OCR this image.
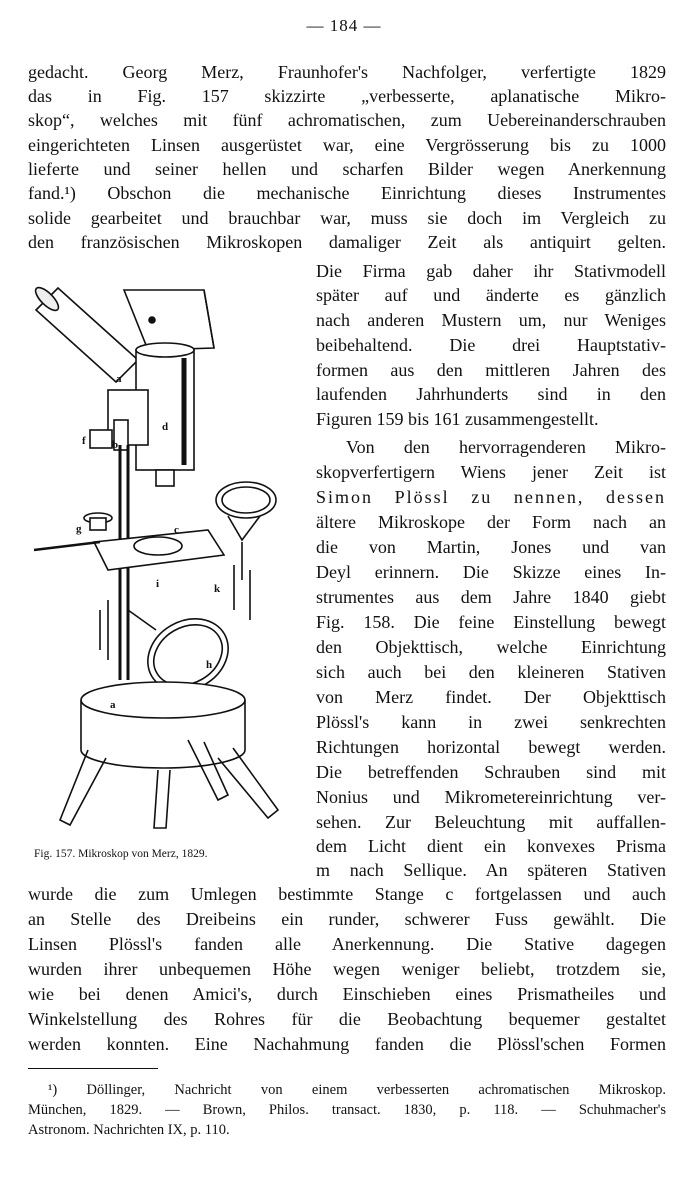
— 184 —
gedacht. Georg Merz, Fraunhofer's Nachfolger, verfertigte 1829
das in Fig. 157 skizzirte „verbesserte, aplanatische Mikro-
skop“, welches mit fünf achromatischen, zum Uebereinanderschrauben
eingerichteten Linsen ausgerüstet war, eine Vergrösserung bis zu 1000
lieferte und seiner hellen und scharfen Bilder wegen Anerkennung
fand.¹) Obschon die mechanische Einrichtung dieses Instrumentes
solide gearbeitet und brauchbar war, muss sie doch im Vergleich zu
den französischen Mikroskopen damaliger Zeit als antiquirt gelten.
Die Firma gab daher ihr Stativmodell
später auf und änderte es gänzlich
nach anderen Mustern um, nur Weniges
beibehaltend. Die drei Hauptstativ-
formen aus den mittleren Jahren des
laufenden Jahrhunderts sind in den
Figuren 159 bis 161 zusammengestellt.
Von den hervorragenderen Mikro-
skopverfertigern Wiens jener Zeit ist
Simon Plössl zu nennen, dessen
ältere Mikroskope der Form nach an
die von Martin, Jones und van
Deyl erinnern. Die Skizze eines In-
strumentes aus dem Jahre 1840 giebt
Fig. 158. Die feine Einstellung bewegt
den Objekttisch, welche Einrichtung
sich auch bei den kleineren Stativen
von Merz findet. Der Objekttisch
Plössl's kann in zwei senkrechten
Richtungen horizontal bewegt werden.
Die betreffenden Schrauben sind mit
Nonius und Mikrometereinrichtung ver-
sehen. Zur Beleuchtung mit auffallen-
dem Licht dient ein konvexes Prisma
m nach Sellique. An späteren Stativen
a
d
f b
g	c
i	k
h
a
Fig. 157. Mikroskop von Merz, 1829.
wurde die zum Umlegen bestimmte Stange c fortgelassen und auch
an Stelle des Dreibeins ein runder, schwerer Fuss gewählt. Die
Linsen Plössl's fanden alle Anerkennung. Die Stative dagegen
wurden ihrer unbequemen Höhe wegen weniger beliebt, trotzdem sie,
wie bei denen Amici's, durch Einschieben eines Prismatheiles und
Winkelstellung des Rohres für die Beobachtung bequemer gestaltet
werden konnten. Eine Nachahmung fanden die Plössl'schen Formen
¹) Döllinger, Nachricht von einem verbesserten achromatischen Mikroskop.
München, 1829. — Brown, Philos. transact. 1830, p. 118. — Schuhmacher's
Astronom. Nachrichten IX, p. 110.
